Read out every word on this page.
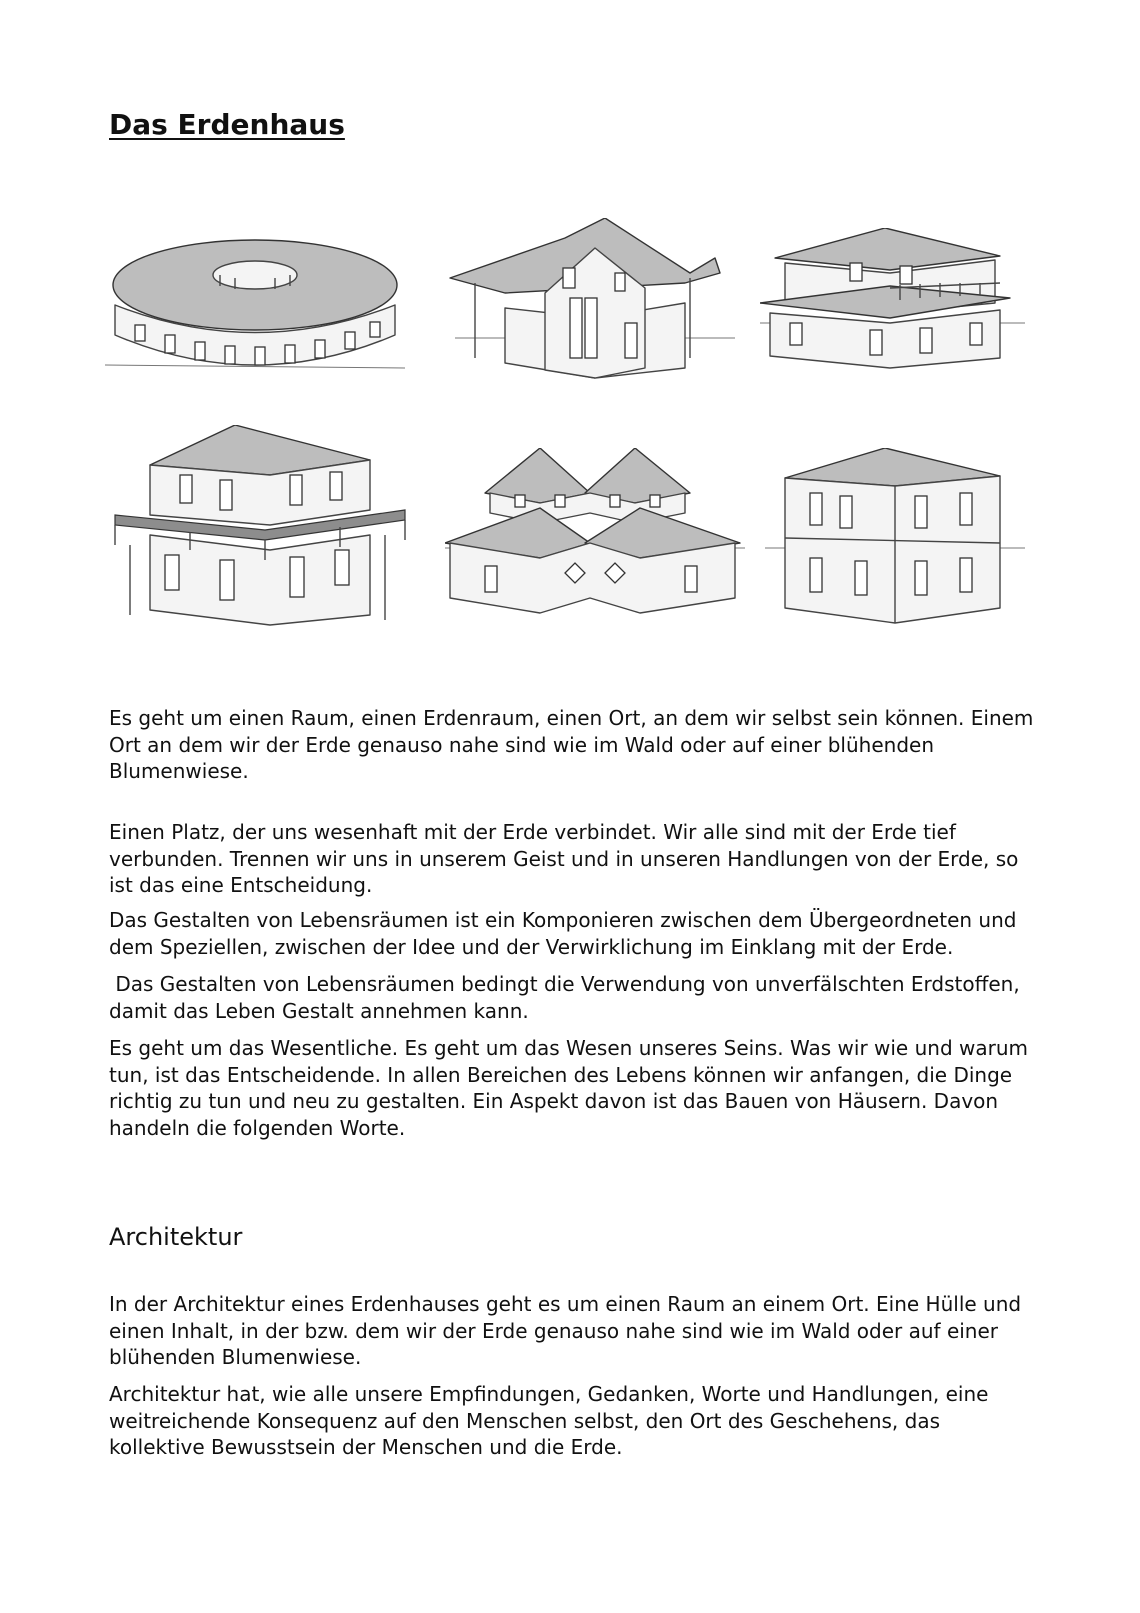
Das Erdenhaus

Es geht um einen Raum, einen Erdenraum, einen Ort, an dem wir selbst sein können. Einem Ort an dem wir der Erde genauso nahe sind wie im Wald oder auf einer blühenden Blumenwiese.

Einen Platz, der uns wesenhaft mit der Erde verbindet. Wir alle sind mit der Erde tief verbunden. Trennen wir uns in unserem Geist und in unseren Handlungen von der Erde, so ist das eine Entscheidung.

Das Gestalten von Lebensräumen ist ein Komponieren zwischen dem Übergeordneten und dem Speziellen, zwischen der Idee und der Verwirklichung im Einklang mit der Erde.

Das Gestalten von Lebensräumen bedingt die Verwendung von unverfälschten Erdstoffen, damit das Leben Gestalt annehmen kann.

Es geht um das Wesentliche. Es geht um das Wesen unseres Seins. Was wir wie und warum tun, ist das Entscheidende. In allen Bereichen des Lebens können wir anfangen, die Dinge richtig zu tun und neu zu gestalten. Ein Aspekt davon ist das Bauen von Häusern. Davon handeln die folgenden Worte.

Architektur

In der Architektur eines Erdenhauses geht es um einen Raum an einem Ort. Eine Hülle und einen Inhalt, in der bzw. dem wir der Erde genauso nahe sind wie im Wald oder auf einer blühenden Blumenwiese.

Architektur hat, wie alle unsere Empfindungen, Gedanken, Worte und Handlungen, eine weitreichende Konsequenz auf den Menschen selbst, den Ort des Geschehens, das kollektive Bewusstsein der Menschen und die Erde.
